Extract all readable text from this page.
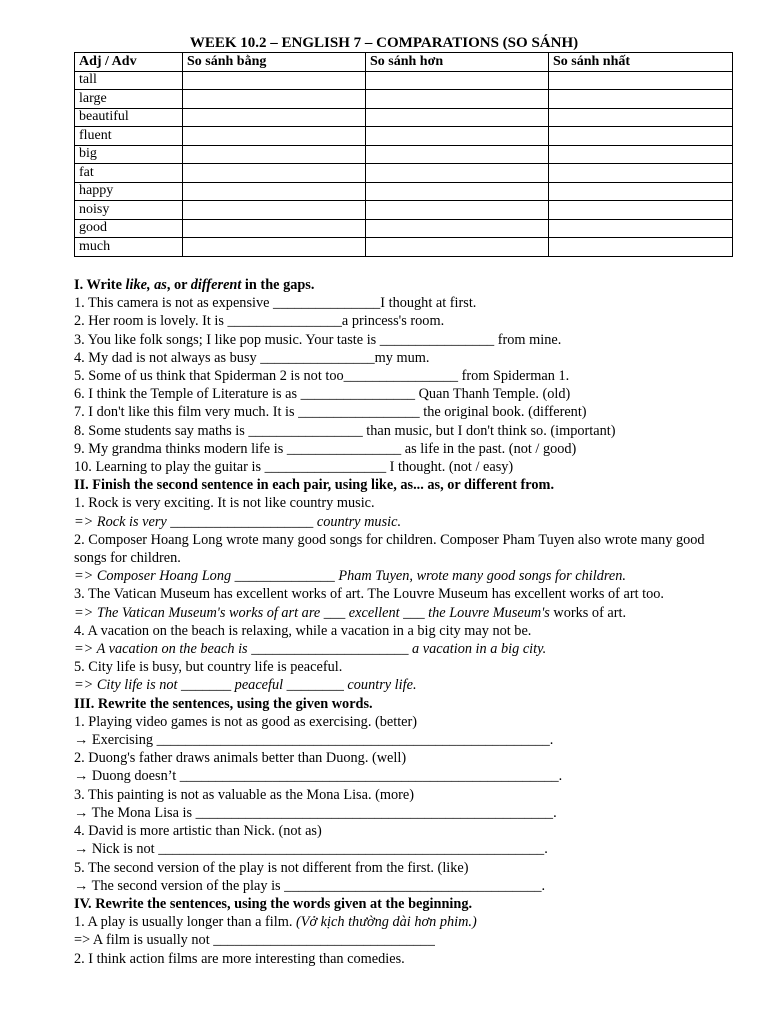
WEEK 10.2 – ENGLISH 7 – COMPARATIONS (SO SÁNH)
Adj / Adv	So sánh bằng	So sánh hơn	So sánh nhất
tall			
large			
beautiful			
fluent			
big			
fat			
happy			
noisy			
good			
much			

I. Write like, as, or different in the gaps.

1. This camera is not as expensive _______________I thought at first.

2. Her room is lovely. It is ________________a princess's room.

3. You like folk songs; I like pop music. Your taste is ________________ from mine.

4. My dad is not always as busy ________________my mum.

5. Some of us think that Spiderman 2 is not too________________ from Spiderman 1.

6. I think the Temple of Literature is as ________________ Quan Thanh Temple. (old)

7. I don't like this film very much. It is _________________ the original book. (different)

8. Some students say maths is ________________ than music, but I don't think so. (important)

9. My grandma thinks modern life is ________________ as life in the past. (not / good)

10. Learning to play the guitar is _________________ I thought. (not / easy)

II. Finish the second sentence in each pair, using like, as... as, or different from.

1. Rock is very exciting. It is not like country music.

=> Rock is very ____________________ country music.

2. Composer Hoang Long wrote many good songs for children. Composer Pham Tuyen also wrote many good songs for children.

=> Composer Hoang Long ______________ Pham Tuyen, wrote many good songs for children.

3. The Vatican Museum has excellent works of art. The Louvre Museum has excellent works of art too.

=> The Vatican Museum's works of art are ___ excellent ___ the Louvre Museum's works of art.

4. A vacation on the beach is relaxing, while a vacation in a big city may not be.

=> A vacation on the beach is ______________________ a vacation in a big city.

5. City life is busy, but country life is peaceful.

=> City life is not _______ peaceful ________ country life.

III. Rewrite the sentences, using the given words.

1. Playing video games is not as good as exercising. (better)

→ Exercising _______________________________________________________.

2. Duong's father draws animals better than Duong. (well)

→ Duong doesn’t _____________________________________________________.

3. This painting is not as valuable as the Mona Lisa. (more)

→ The Mona Lisa is __________________________________________________.

4. David is more artistic than Nick. (not as)

→ Nick is not ______________________________________________________.

5. The second version of the play is not different from the first. (like)

→ The second version of the play is ____________________________________.

IV. Rewrite the sentences, using the words given at the beginning.

1. A play is usually longer than a film. (Vở kịch thường dài hơn phim.)

=> A film is usually not _______________________________

2. I think action films are more interesting than comedies.
